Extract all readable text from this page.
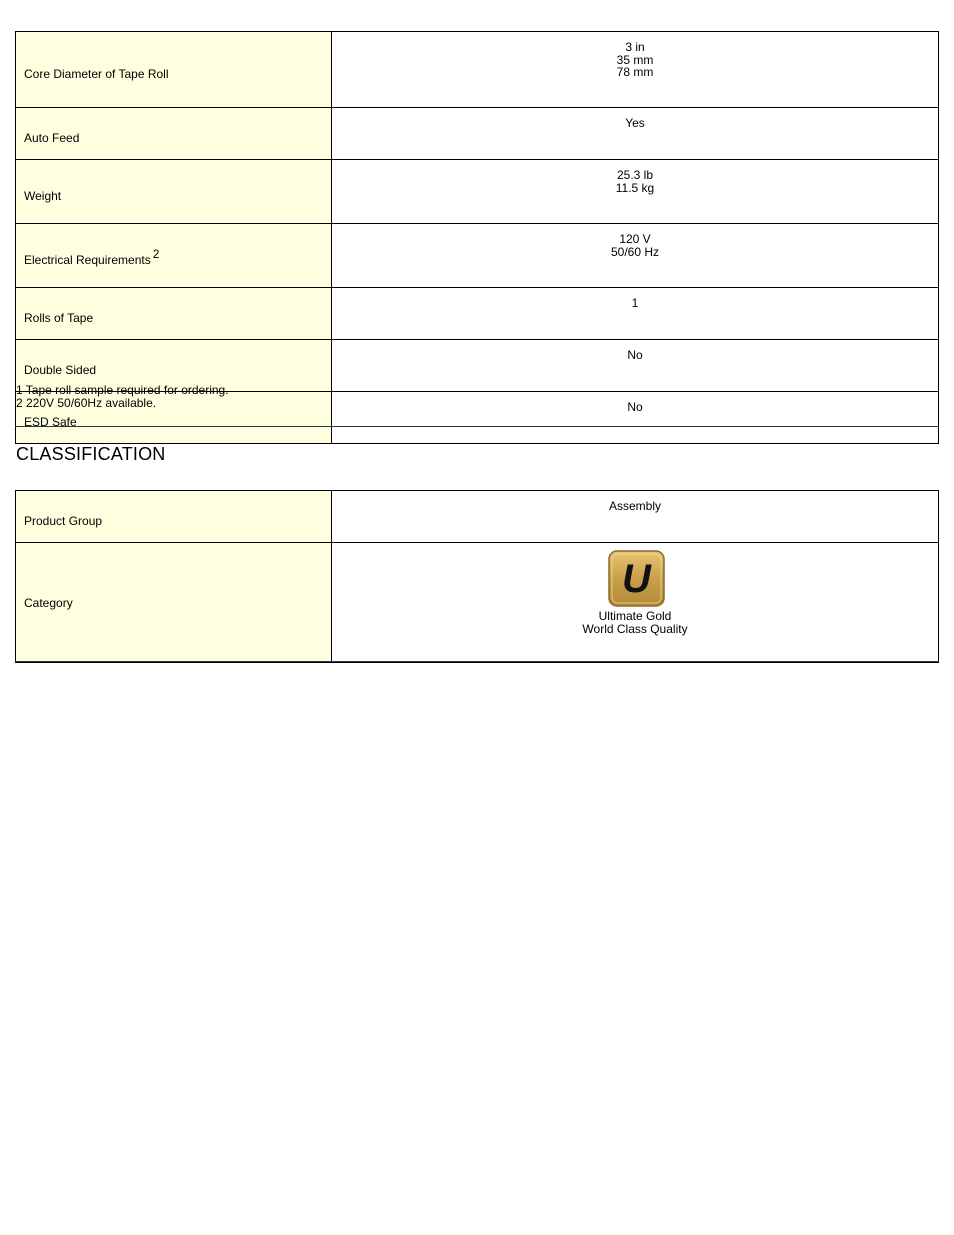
Core Diameter of Tape Roll	3 in
35 mm
78 mm

Auto Feed	Yes

Weight	25.3 lb
11.5 kg

Electrical Requirements 2	120 V
50/60 Hz

Rolls of Tape	1

Double Sided	No

ESD Safe	No
1 Tape roll sample required for ordering.
2 220V 50/60Hz available.
CLASSIFICATION
Product Group	Assembly

Category	U
Ultimate Gold
World Class Quality
